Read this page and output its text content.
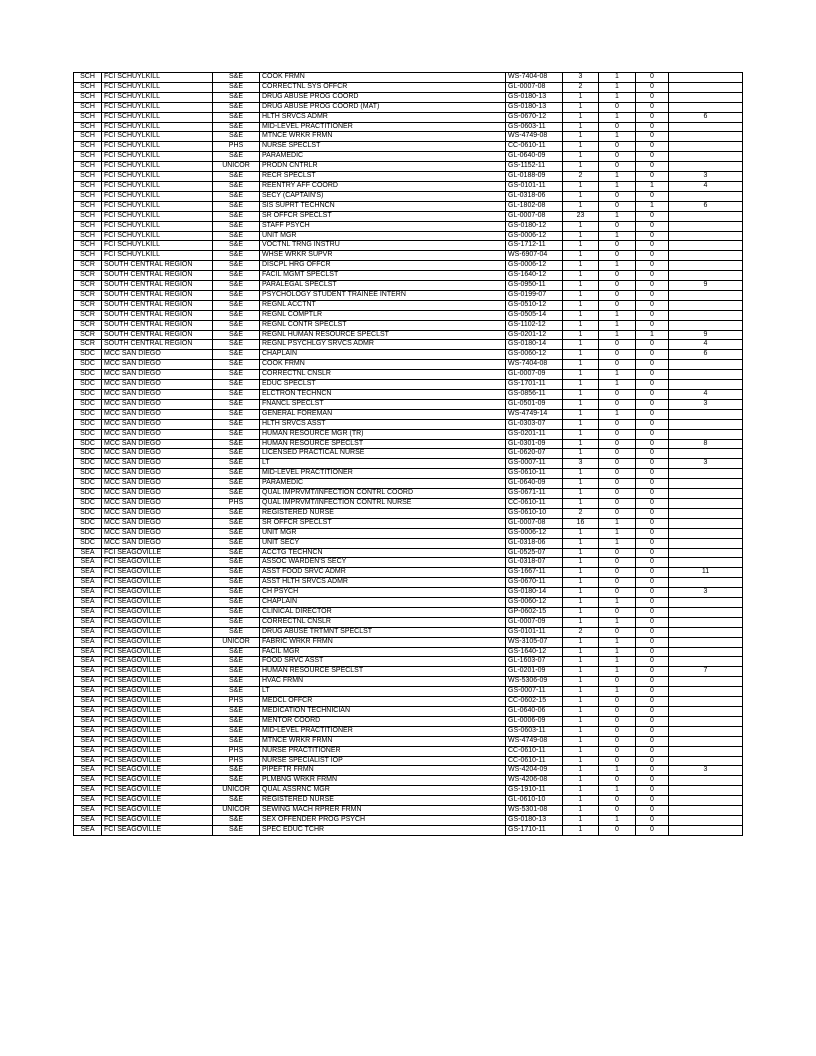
SCH	FCI SCHUYLKILL	S&E	COOK FRMN	WS-7404-08	3	1	0	
SCH	FCI SCHUYLKILL	S&E	CORRECTNL SYS OFFCR	GL-0007-08	2	1	0	
SCH	FCI SCHUYLKILL	S&E	DRUG ABUSE PROG COORD	GS-0180-13	1	1	0	
SCH	FCI SCHUYLKILL	S&E	DRUG ABUSE PROG COORD (MAT)	GS-0180-13	1	0	0	
SCH	FCI SCHUYLKILL	S&E	HLTH SRVCS ADMR	GS-0670-12	1	1	0	6
SCH	FCI SCHUYLKILL	S&E	MID-LEVEL PRACTITIONER	GS-0603-11	1	0	0	
SCH	FCI SCHUYLKILL	S&E	MTNCE WRKR FRMN	WS-4749-08	1	1	0	
SCH	FCI SCHUYLKILL	PHS	NURSE SPECLST	CC-0610-11	1	0	0	
SCH	FCI SCHUYLKILL	S&E	PARAMEDIC	GL-0640-09	1	0	0	
SCH	FCI SCHUYLKILL	UNICOR	PRODN CNTRLR	GS-1152-11	1	0	0	
SCH	FCI SCHUYLKILL	S&E	RECR SPECLST	GL-0188-09	2	1	0	3
SCH	FCI SCHUYLKILL	S&E	REENTRY AFF COORD	GS-0101-11	1	1	1	4
SCH	FCI SCHUYLKILL	S&E	SECY (CAPTAIN'S)	GL-0318-06	1	0	0	
SCH	FCI SCHUYLKILL	S&E	SIS SUPRT TECHNCN	GL-1802-08	1	0	1	6
SCH	FCI SCHUYLKILL	S&E	SR OFFCR SPECLST	GL-0007-08	23	1	0	
SCH	FCI SCHUYLKILL	S&E	STAFF PSYCH	GS-0180-12	1	0	0	
SCH	FCI SCHUYLKILL	S&E	UNIT MGR	GS-0006-12	1	1	0	
SCH	FCI SCHUYLKILL	S&E	VOCTNL TRNG INSTRU	GS-1712-11	1	0	0	
SCH	FCI SCHUYLKILL	S&E	WHSE WRKR SUPVR	WS-6907-04	1	0	0	
SCR	SOUTH CENTRAL REGION	S&E	DISCPL HRG OFFCR	GS-0006-12	1	1	0	
SCR	SOUTH CENTRAL REGION	S&E	FACIL MGMT SPECLST	GS-1640-12	1	0	0	
SCR	SOUTH CENTRAL REGION	S&E	PARALEGAL SPECLST	GS-0950-11	1	0	0	9
SCR	SOUTH CENTRAL REGION	S&E	PSYCHOLOGY STUDENT TRAINEE INTERN	GS-0199-07	1	0	0	
SCR	SOUTH CENTRAL REGION	S&E	REGNL ACCTNT	GS-0510-12	1	0	0	
SCR	SOUTH CENTRAL REGION	S&E	REGNL COMPTLR	GS-0505-14	1	1	0	
SCR	SOUTH CENTRAL REGION	S&E	REGNL CONTR SPECLST	GS-1102-12	1	1	0	
SCR	SOUTH CENTRAL REGION	S&E	REGNL HUMAN RESOURCE SPECLST	GS-0201-12	1	1	1	9
SCR	SOUTH CENTRAL REGION	S&E	REGNL PSYCHLGY SRVCS ADMR	GS-0180-14	1	0	0	4
SDC	MCC SAN DIEGO	S&E	CHAPLAIN	GS-0060-12	1	0	0	6
SDC	MCC SAN DIEGO	S&E	COOK FRMN	WS-7404-08	1	0	0	
SDC	MCC SAN DIEGO	S&E	CORRECTNL CNSLR	GL-0007-09	1	1	0	
SDC	MCC SAN DIEGO	S&E	EDUC SPECLST	GS-1701-11	1	1	0	
SDC	MCC SAN DIEGO	S&E	ELCTRON TECHNCN	GS-0856-11	1	0	0	4
SDC	MCC SAN DIEGO	S&E	FNANCL SPECLST	GL-0501-09	1	0	0	3
SDC	MCC SAN DIEGO	S&E	GENERAL FOREMAN	WS-4749-14	1	1	0	
SDC	MCC SAN DIEGO	S&E	HLTH SRVCS ASST	GL-0303-07	1	0	0	
SDC	MCC SAN DIEGO	S&E	HUMAN RESOURCE MGR (TR)	GS-0201-11	1	0	0	
SDC	MCC SAN DIEGO	S&E	HUMAN RESOURCE SPECLST	GL-0301-09	1	0	0	8
SDC	MCC SAN DIEGO	S&E	LICENSED PRACTICAL NURSE	GL-0620-07	1	0	0	
SDC	MCC SAN DIEGO	S&E	LT	GS-0007-11	3	0	0	3
SDC	MCC SAN DIEGO	S&E	MID-LEVEL PRACTITIONER	GS-0610-11	1	0	0	
SDC	MCC SAN DIEGO	S&E	PARAMEDIC	GL-0640-09	1	0	0	
SDC	MCC SAN DIEGO	S&E	QUAL IMPRVMT/INFECTION CONTRL COORD	GS-0671-11	1	0	0	
SDC	MCC SAN DIEGO	PHS	QUAL IMPRVMT/INFECTION CONTRL NURSE	CC-0610-11	1	0	0	
SDC	MCC SAN DIEGO	S&E	REGISTERED NURSE	GS-0610-10	2	0	0	
SDC	MCC SAN DIEGO	S&E	SR OFFCR SPECLST	GL-0007-08	16	1	0	
SDC	MCC SAN DIEGO	S&E	UNIT MGR	GS-0006-12	1	1	0	
SDC	MCC SAN DIEGO	S&E	UNIT SECY	GL-0318-06	1	1	0	
SEA	FCI SEAGOVILLE	S&E	ACCTG TECHNCN	GL-0525-07	1	0	0	
SEA	FCI SEAGOVILLE	S&E	ASSOC WARDEN'S SECY	GL-0318-07	1	0	0	
SEA	FCI SEAGOVILLE	S&E	ASST FOOD SRVC ADMR	GS-1667-11	1	0	0	11
SEA	FCI SEAGOVILLE	S&E	ASST HLTH SRVCS ADMR	GS-0670-11	1	0	0	
SEA	FCI SEAGOVILLE	S&E	CH PSYCH	GS-0180-14	1	0	0	3
SEA	FCI SEAGOVILLE	S&E	CHAPLAIN	GS-0060-12	1	1	0	
SEA	FCI SEAGOVILLE	S&E	CLINICAL DIRECTOR	GP-0602-15	1	0	0	
SEA	FCI SEAGOVILLE	S&E	CORRECTNL CNSLR	GL-0007-09	1	1	0	
SEA	FCI SEAGOVILLE	S&E	DRUG ABUSE TRTMNT SPECLST	GS-0101-11	2	0	0	
SEA	FCI SEAGOVILLE	UNICOR	FABRIC WRKR FRMN	WS-3105-07	1	1	0	
SEA	FCI SEAGOVILLE	S&E	FACIL MGR	GS-1640-12	1	1	0	
SEA	FCI SEAGOVILLE	S&E	FOOD SRVC ASST	GL-1603-07	1	1	0	
SEA	FCI SEAGOVILLE	S&E	HUMAN RESOURCE SPECLST	GL-0201-09	1	1	0	7
SEA	FCI SEAGOVILLE	S&E	HVAC FRMN	WS-5306-09	1	0	0	
SEA	FCI SEAGOVILLE	S&E	LT	GS-0007-11	1	1	0	
SEA	FCI SEAGOVILLE	PHS	MEDCL OFFCR	CC-0602-15	1	0	0	
SEA	FCI SEAGOVILLE	S&E	MEDICATION TECHNICIAN	GL-0640-06	1	0	0	
SEA	FCI SEAGOVILLE	S&E	MENTOR COORD	GL-0006-09	1	0	0	
SEA	FCI SEAGOVILLE	S&E	MID-LEVEL PRACTITIONER	GS-0603-11	1	0	0	
SEA	FCI SEAGOVILLE	S&E	MTNCE WRKR FRMN	WS-4749-08	1	0	0	
SEA	FCI SEAGOVILLE	PHS	NURSE PRACTITIONER	CC-0610-11	1	0	0	
SEA	FCI SEAGOVILLE	PHS	NURSE SPECIALIST IOP	CC-0610-11	1	0	0	
SEA	FCI SEAGOVILLE	S&E	PIPEFTR FRMN	WS-4204-09	1	1	0	3
SEA	FCI SEAGOVILLE	S&E	PLMBNG WRKR FRMN	WS-4206-08	1	0	0	
SEA	FCI SEAGOVILLE	UNICOR	QUAL ASSRNC MGR	GS-1910-11	1	1	0	
SEA	FCI SEAGOVILLE	S&E	REGISTERED NURSE	GL-0610-10	1	0	0	
SEA	FCI SEAGOVILLE	UNICOR	SEWING MACH RPRER FRMN	WS-5301-08	1	0	0	
SEA	FCI SEAGOVILLE	S&E	SEX OFFENDER PROG PSYCH	GS-0180-13	1	1	0	
SEA	FCI SEAGOVILLE	S&E	SPEC EDUC TCHR	GS-1710-11	1	0	0	
